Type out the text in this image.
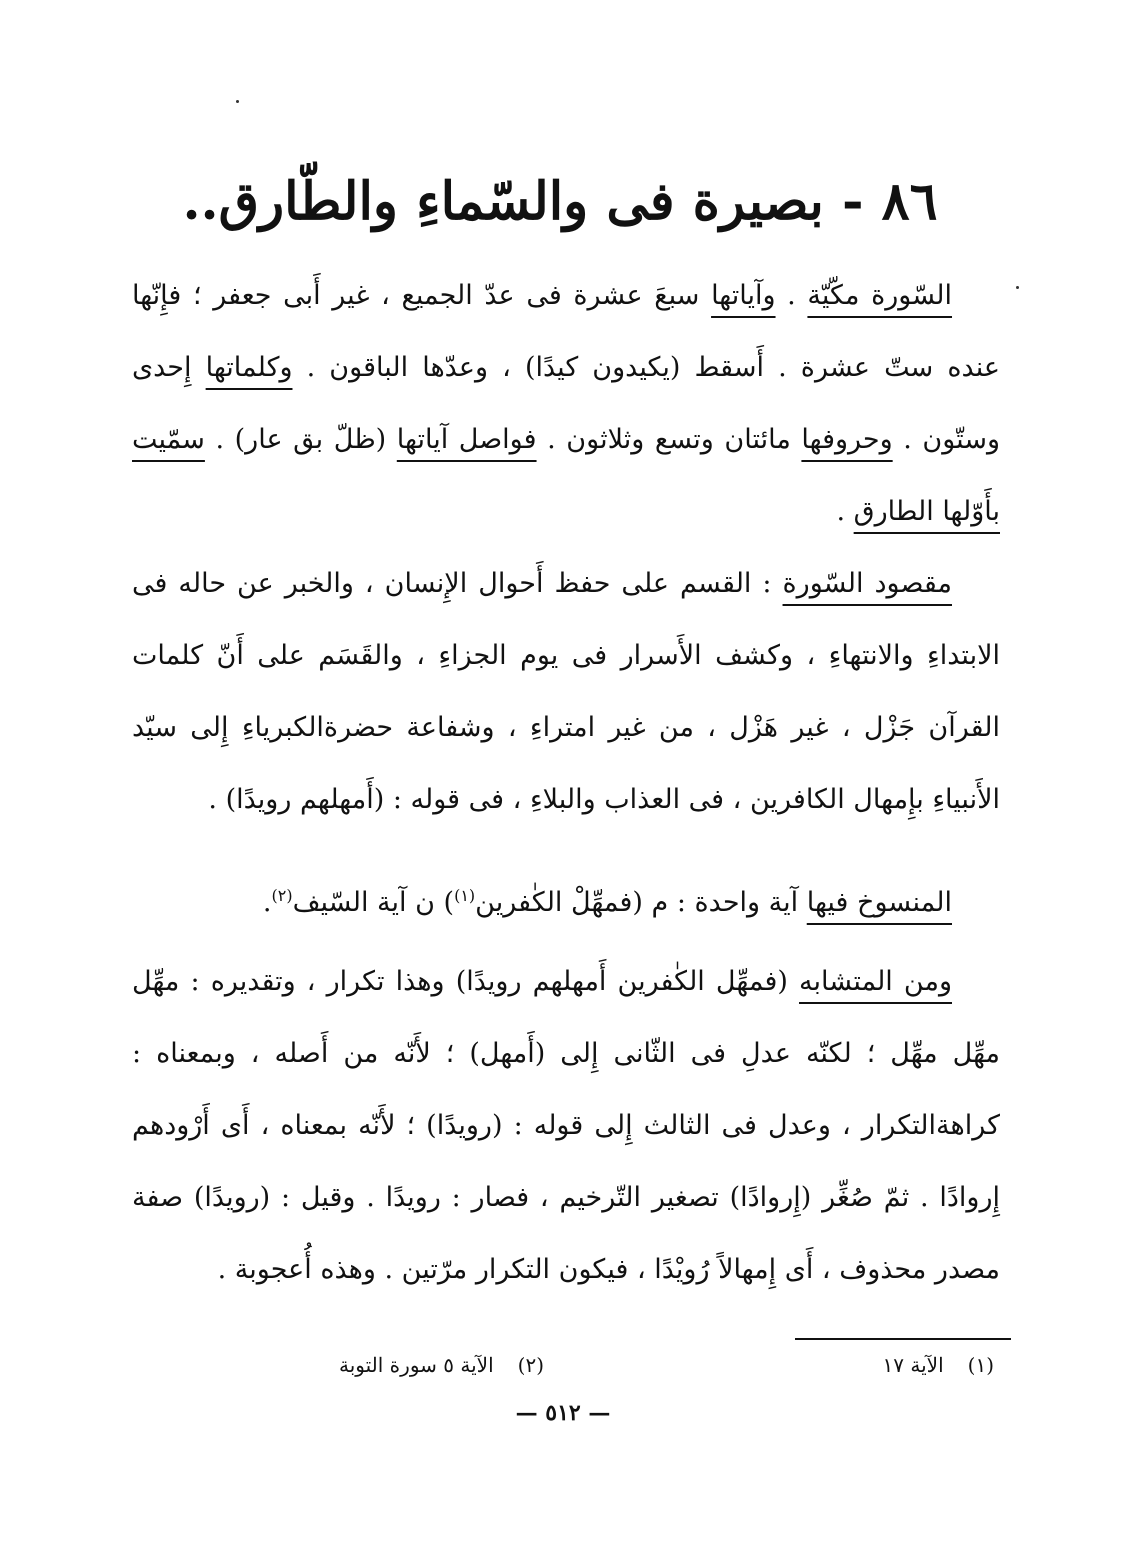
٨٦ - بصيرة فى والسّماءِ والطّارق..

السّورة مكّيّة . وآياتها سبعَ عشرة فى عدّ الجميع ، غير أَبى جعفر ؛ فإِنّها عنده ستّ عشرة . أَسقط (يكيدون كيدًا) ، وعدّها الباقون . وكلماتها إِحدى وستّون . وحروفها مائتان وتسع وثلاثون . فواصل آياتها (ظلّ بق عار) . سمّيت بأَوّلها الطارق .

مقصود السّورة : القسم على حفظ أَحوال الإِنسان ، والخبر عن حاله فى الابتداءِ والانتهاءِ ، وكشف الأَسرار فى يوم الجزاءِ ، والقَسَم على أَنّ كلمات القرآن جَزْل ، غير هَزْل ، من غير امتراءِ ، وشفاعة حضرةالكبرياءِ إِلى سيّد الأَنبياءِ بإِمهال الكافرين ، فى العذاب والبلاءِ ، فى قوله : (أَمهلهم رويدًا) .

المنسوخ فيها آية واحدة : م (فمهِّلْ الكٰفرين$^{(١)}$) ن آية السّيف$^{(٢)}$.

ومن المتشابه (فمهِّل الكٰفرين أَمهلهم رويدًا) وهذا تكرار ، وتقديره : مهِّل مهِّل مهِّل ؛ لكنّه عدلِ فى الثّانى إِلى (أَمهل) ؛ لأَنّه من أَصله ، وبمعناه : كراهةالتكرار ، وعدل فى الثالث إِلى قوله : (رويدًا) ؛ لأَنّه بمعناه ، أَى أَرْودهم إِروادًا . ثمّ صُغِّر (إِروادًا) تصغير التّرخيم ، فصار : رويدًا . وقيل : (رويدًا) صفة مصدر محذوف ، أَى إِمهالاً رُويْدًا ، فيكون التكرار مرّتين . وهذه أُعجوبة .

(١)الآية ١٧
(٢)الآية ٥ سورة التوبة
— ٥١٢ —
